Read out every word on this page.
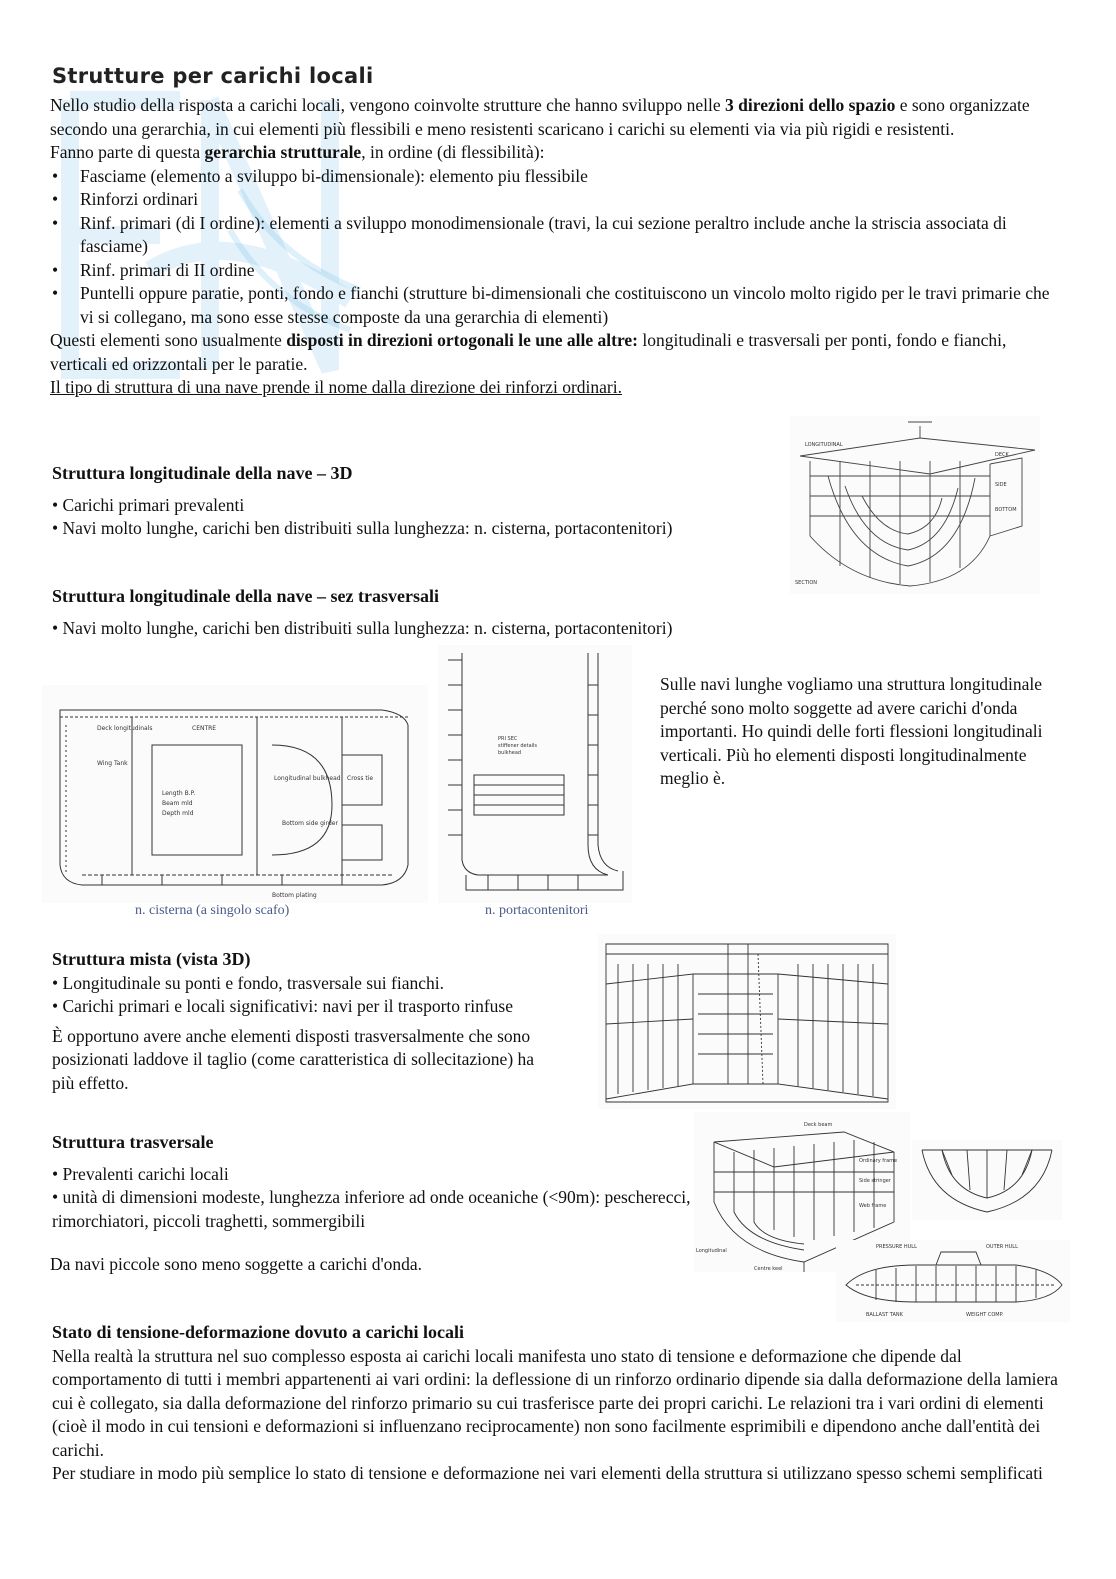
Strutture per carichi locali
Nello studio della risposta a carichi locali, vengono coinvolte strutture che hanno sviluppo nelle 3 direzioni dello spazio e sono organizzate secondo una gerarchia, in cui elementi più flessibili e meno resistenti scaricano i carichi su elementi via via più rigidi e resistenti.
Fanno parte di questa gerarchia strutturale, in ordine (di flessibilità):
• Fasciame (elemento a sviluppo bi-dimensionale): elemento piu flessibile
• Rinforzi ordinari
• Rinf. primari (di I ordine): elementi a sviluppo monodimensionale (travi, la cui sezione peraltro include anche la striscia associata di fasciame)
• Rinf. primari di II ordine
• Puntelli oppure paratie, ponti, fondo e fianchi (strutture bi-dimensionali che costituiscono un vincolo molto rigido per le travi primarie che vi si collegano, ma sono esse stesse composte da una gerarchia di elementi)
Questi elementi sono usualmente disposti in direzioni ortogonali le une alle altre: longitudinali e trasversali per ponti, fondo e fianchi, verticali ed orizzontali per le paratie.
Il tipo di struttura di una nave prende il nome dalla direzione dei rinforzi ordinari.
Struttura longitudinale della nave – 3D
• Carichi primari prevalenti
• Navi molto lunghe, carichi ben distribuiti sulla lunghezza: n. cisterna, portacontenitori)
DECK
SIDE
BOTTOM
LONGITUDINAL
SECTION
Struttura longitudinale della nave – sez trasversali
• Navi molto lunghe, carichi ben distribuiti sulla lunghezza: n. cisterna, portacontenitori)
Deck longitudinals
Wing Tank
CENTRE
Length B.P.
Beam mld
Depth mld
Longitudinal bulkhead Cross tie
Bottom side girder
Bottom plating
n. cisterna (a singolo scafo)
PRI SEC
stiffener details
bulkhead
n. portacontenitori
Sulle navi lunghe vogliamo una struttura longitudinale perché sono molto soggette ad avere carichi d'onda importanti. Ho quindi delle forti flessioni longitudinali verticali. Più ho elementi disposti longitudinalmente meglio è.
Struttura mista (vista 3D)
• Longitudinale su ponti e fondo, trasversale sui fianchi.
• Carichi primari e locali significativi: navi per il trasporto rinfuse
È opportuno avere anche elementi disposti trasversalmente che sono posizionati laddove il taglio (come caratteristica di sollecitazione) ha più effetto.
Struttura trasversale
• Prevalenti carichi locali
• unità di dimensioni modeste, lunghezza inferiore ad onde oceaniche (<90m): pescherecci, rimorchiatori, piccoli traghetti, sommergibili
Da navi piccole sono meno soggette a carichi d'onda.
Deck beam
Ordinary frame
Side stringer
Web frame
Longitudinal
Centre keel
PRESSURE HULL	OUTER HULL
BALLAST TANK	WEIGHT COMP.
Stato di tensione-deformazione dovuto a carichi locali
Nella realtà la struttura nel suo complesso esposta ai carichi locali manifesta uno stato di tensione e deformazione che dipende dal comportamento di tutti i membri appartenenti ai vari ordini: la deflessione di un rinforzo ordinario dipende sia dalla deformazione della lamiera cui è collegato, sia dalla deformazione del rinforzo primario su cui trasferisce parte dei propri carichi. Le relazioni tra i vari ordini di elementi (cioè il modo in cui tensioni e deformazioni si influenzano reciprocamente) non sono facilmente esprimibili e dipendono anche dall'entità dei carichi.
Per studiare in modo più semplice lo stato di tensione e deformazione nei vari elementi della struttura si utilizzano spesso schemi semplificati
